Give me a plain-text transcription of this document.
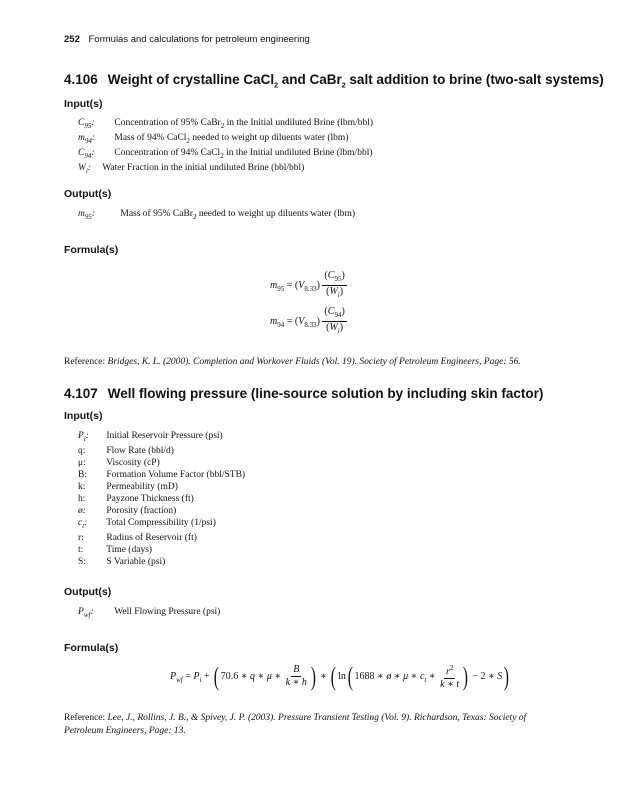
252 Formulas and calculations for petroleum engineering
4.106 Weight of crystalline CaCl$_2$ and CaBr$_2$ salt addition to brine (two-salt systems)
Input(s)
$C_{95}$: Concentration of 95% CaBr$_2$ in the Initial undiluted Brine (lbm/bbl)
$m_{94}$: Mass of 94% CaCl$_2$ needed to weight up diluents water (lbm)
$C_{94}$: Concentration of 94% CaCl$_2$ in the Initial undiluted Brine (lbm/bbl)
$W_i$: Water Fraction in the initial undiluted Brine (bbl/bbl)
Output(s)
$m_{95}$:	Mass of 95% CaBr$_2$ needed to weight up diluents water (lbm)
Formula(s)
$m_{95} = (V_{8.33}) \frac{(C_{95})}{(W_i)}$
$m_{94} = (V_{8.33}) \frac{(C_{94})}{(W_i)}$
Reference: Bridges, K. L. (2000). Completion and Workover Fluids (Vol. 19). Society of Petroleum Engineers, Page: 56.
4.107 Well flowing pressure (line-source solution by including skin factor)
Input(s)
$P_i$: Initial Reservoir Pressure (psi)
q: Flow Rate (bbl/d)
μ: Viscosity (cP)
B: Formation Volume Factor (bbl/STB)
k: Permeability (mD)
h: Payzone Thickness (ft)
ø: Porosity (fraction)
$c_t$: Total Compressibility (1/psi)
r: Radius of Reservoir (ft)
t: Time (days)
S: S Variable (psi)
Output(s)
$P_{wf}$: Well Flowing Pressure (psi)
Formula(s)
$P_{wf} = P_i$ + ( 70.6 ∗ q ∗ μ ∗ $\frac{B}{k ∗ h}$ ) ∗ ( ln( 1688 ∗ ø ∗ μ ∗ $c_t$ ∗ $\frac{r^2}{k ∗ t}$ ) − 2 ∗ S)
Reference: Lee, J., Rollins, J. B., & Spivey, J. P. (2003). Pressure Transient Testing (Vol. 9). Richardson, Texas: Society of Petroleum Engineers, Page: 13.
